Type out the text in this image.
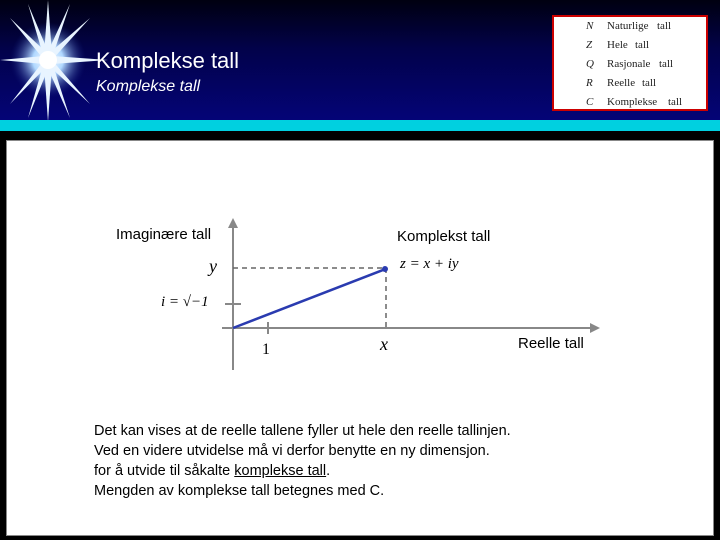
Komplekse tall
Komplekse tall
N Naturlige tall
Z Hele tall
Q Rasjonale tall
R Reelle tall
C Komplekse tall
Imaginære tall	Komplekst tall
Reelle tall
y
x
i = √−1
z = x + iy
1
Det kan vises at de reelle tallene fyller ut hele den reelle tallinjen.
Ved en videre utvidelse må vi derfor benytte en ny dimensjon.
for å utvide til såkalte komplekse tall.
Mengden av komplekse tall betegnes med C.
